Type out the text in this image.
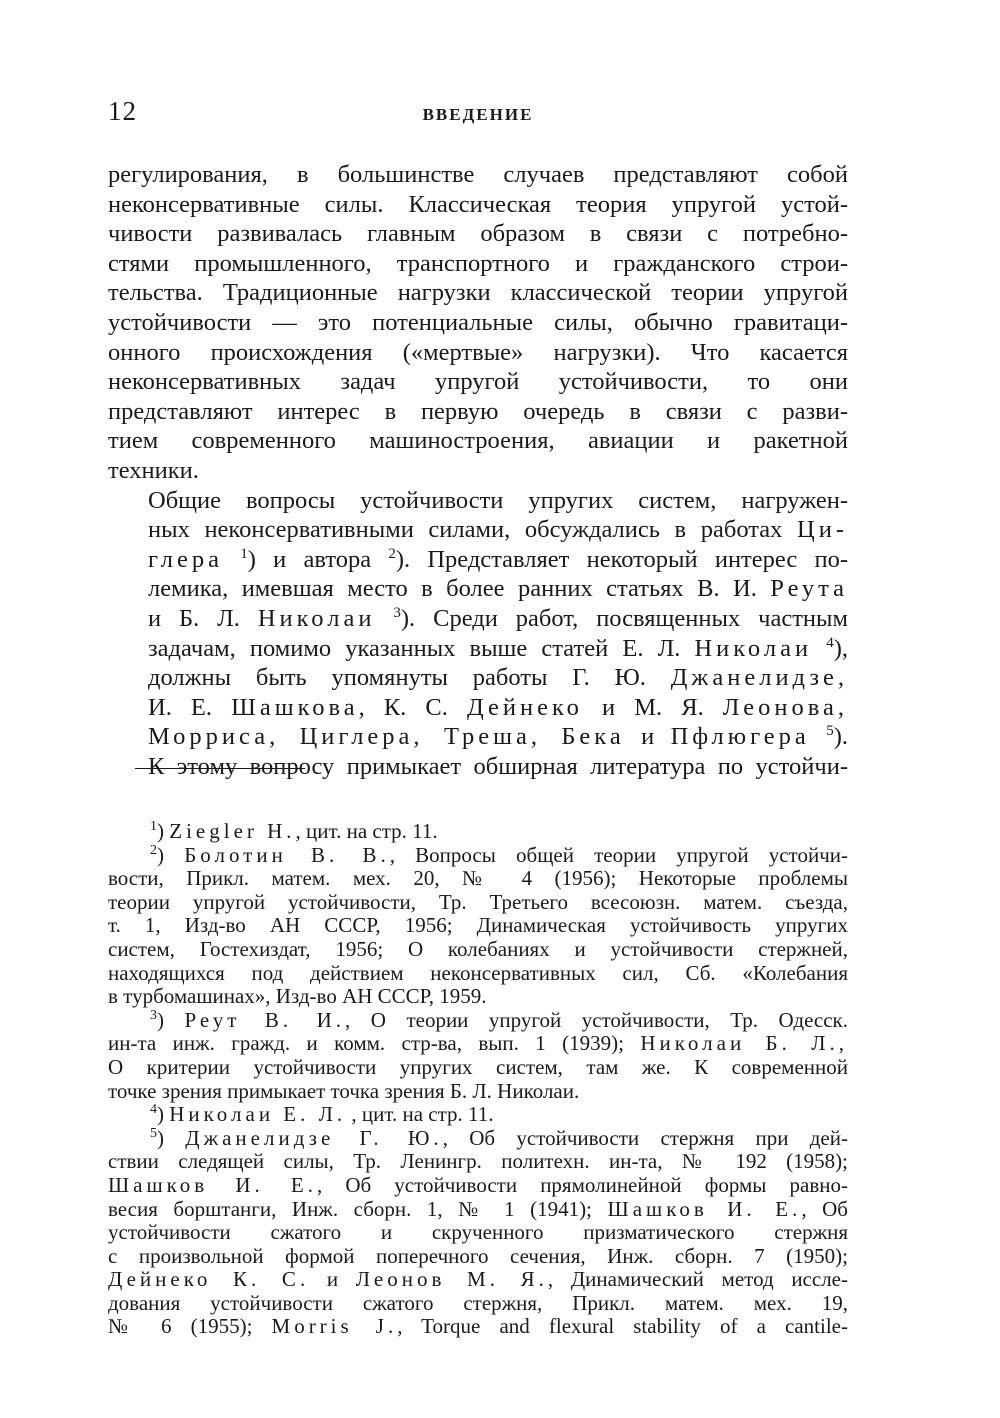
12	ВВЕДЕНИЕ

регулирования, в большинстве случаев представляют собой
неконсервативные силы. Классическая теория упругой устой-
чивости развивалась главным образом в связи с потребно-
стями промышленного, транспортного и гражданского строи-
тельства. Традиционные нагрузки классической теории упругой
устойчивости — это потенциальные силы, обычно гравитаци-
онного происхождения («мертвые» нагрузки). Что касается
неконсервативных задач упругой устойчивости, то они
представляют интерес в первую очередь в связи с разви-
тием современного машиностроения, авиации и ракетной
техники.

Общие вопросы устойчивости упругих систем, нагружен-
ных неконсервативными силами, обсуждались в работах Ци-
глера $^1$) и автора $^2$). Представляет некоторый интерес по-
лемика, имевшая место в более ранних статьях В. И. Реута
и Б. Л. Николаи $^3$). Среди работ, посвященных частным
задачам, помимо указанных выше статей Е. Л. Николаи $^4$),
должны быть упомянуты работы Г. Ю. Джанелидзе,
И. Е. Шашкова, К. С. Дейнеко и М. Я. Леонова,
Морриса, Циглера, Треша, Бека и Пфлюгера $^5$).
К этому вопросу примыкает обширная литература по устойчи-

$^1$) Ziegler H., цит. на стр. 11.
$^2$) Болотин В. В., Вопросы общей теории упругой устойчи-
вости, Прикл. матем. мех. 20, № 4 (1956); Некоторые проблемы
теории упругой устойчивости, Тр. Третьего всесоюзн. матем. съезда,
т. 1, Изд-во АН СССР, 1956; Динамическая устойчивость упругих
систем, Гостехиздат, 1956; О колебаниях и устойчивости стержней,
находящихся под действием неконсервативных сил, Сб. «Колебания
в турбомашинах», Изд-во АН СССР, 1959.
$^3$) Реут В. И., О теории упругой устойчивости, Тр. Одесск.
ин-та инж. гражд. и комм. стр-ва, вып. 1 (1939); Николаи Б. Л.,
О критерии устойчивости упругих систем, там же. К современной
точке зрения примыкает точка зрения Б. Л. Николаи.
$^4$) Николаи Е. Л. , цит. на стр. 11.
$^5$) Джанелидзе Г. Ю., Об устойчивости стержня при дей-
ствии следящей силы, Тр. Ленингр. политехн. ин-та, № 192 (1958);
Шашков И. Е., Об устойчивости прямолинейной формы равно-
весия борштанги, Инж. сборн. 1, № 1 (1941); Шашков И. Е., Об
устойчивости сжатого и скрученного призматического стержня
с произвольной формой поперечного сечения, Инж. сборн. 7 (1950);
Дейнеко К. С. и Леонов М. Я., Динамический метод иссле-
дования устойчивости сжатого стержня, Прикл. матем. мех. 19,
№ 6 (1955); Morris J., Torque and flexural stability of a cantile-
